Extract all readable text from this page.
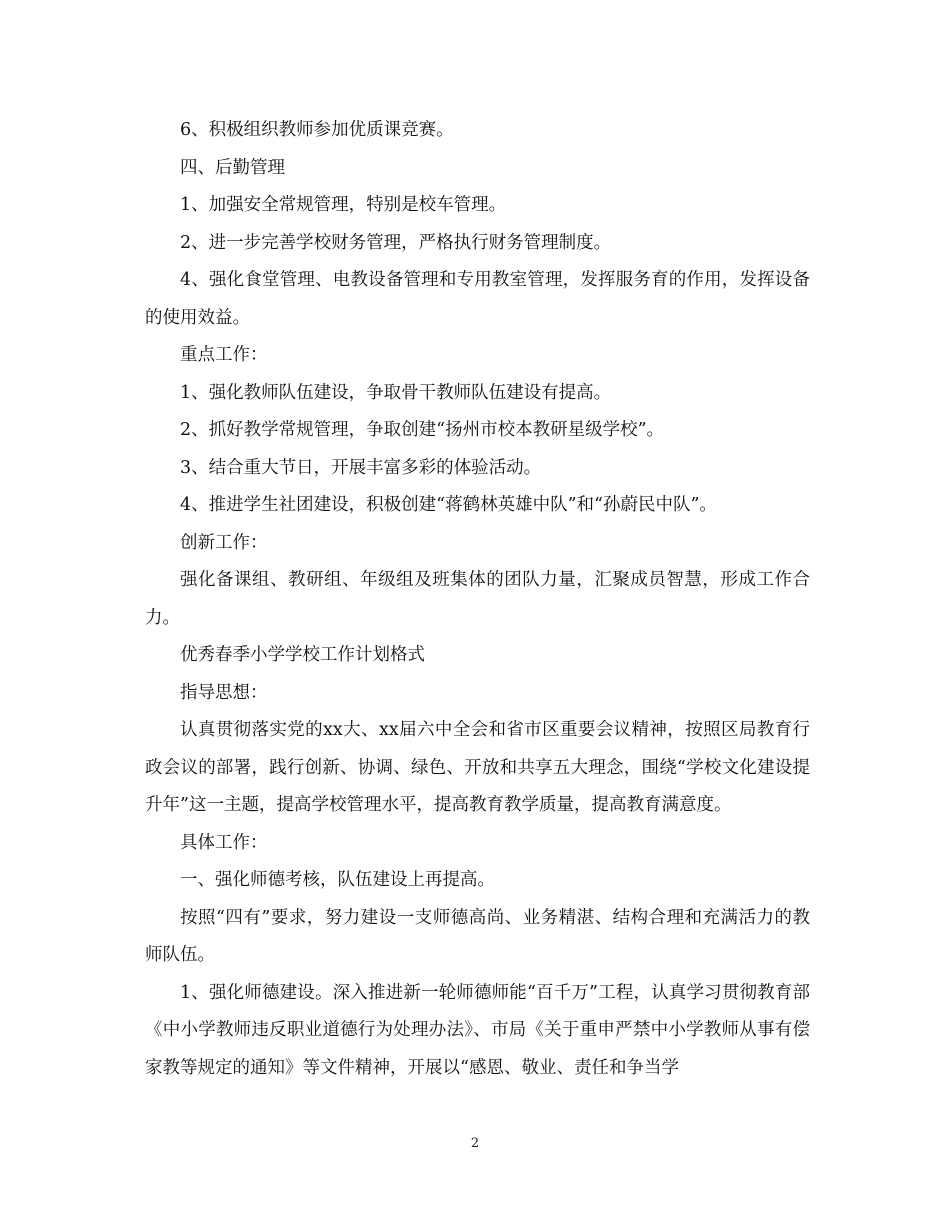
6、积极组织教师参加优质课竞赛。

四、后勤管理

1、加强安全常规管理，特别是校车管理。

2、进一步完善学校财务管理，严格执行财务管理制度。

4、强化食堂管理、电教设备管理和专用教室管理，发挥服务育的作用，发挥设备的使用效益。

重点工作：

1、强化教师队伍建设，争取骨干教师队伍建设有提高。

2、抓好教学常规管理，争取创建“扬州市校本教研星级学校”。

3、结合重大节日，开展丰富多彩的体验活动。

4、推进学生社团建设，积极创建“蒋鹤林英雄中队”和“孙蔚民中队”。

创新工作：

强化备课组、教研组、年级组及班集体的团队力量，汇聚成员智慧，形成工作合力。

优秀春季小学学校工作计划格式

指导思想：

认真贯彻落实党的xx大、xx届六中全会和省市区重要会议精神，按照区局教育行政会议的部署，践行创新、协调、绿色、开放和共享五大理念，围绕“学校文化建设提升年”这一主题，提高学校管理水平，提高教育教学质量，提高教育满意度。

具体工作：

一、强化师德考核，队伍建设上再提高。

按照“四有”要求，努力建设一支师德高尚、业务精湛、结构合理和充满活力的教师队伍。

1、强化师德建设。深入推进新一轮师德师能“百千万”工程，认真学习贯彻教育部《中小学教师违反职业道德行为处理办法》、市局《关于重申严禁中小学教师从事有偿家教等规定的通知》等文件精神，开展以“感恩、敬业、责任和争当学

2
